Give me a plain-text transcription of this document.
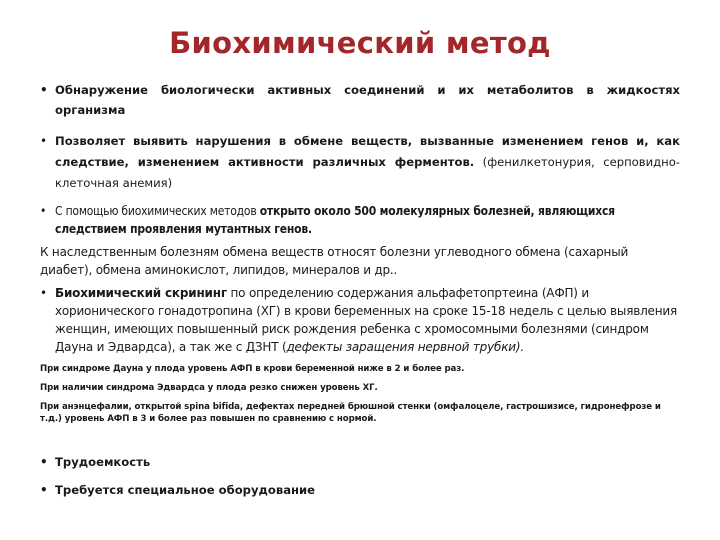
Биохимический метод
• Обнаружение биологически активных соединений и их метаболитов в жидкостях
организма
• Позволяет выявить нарушения в обмене веществ, вызванные изменением генов и, как следствие, изменением активности различных ферментов. (фенилкетонурия, серповидно-клеточная анемия)
• С помощью биохимических методов открыто около 500 молекулярных болезней, являющихся следствием проявления мутантных генов.
К наследственным болезням обмена веществ относят болезни углеводного обмена (сахарный диабет), обмена аминокислот, липидов, минералов и др..
• Биохимический скрининг по определению содержания альфафетопртеина (АФП) и хорионического гонадотропина (ХГ) в крови беременных на сроке 15-18 недель с целью выявления женщин, имеющих повышенный риск рождения ребенка с хромосомными болезнями (синдром Дауна и Эдвардса), а так же с ДЗНТ (дефекты заращения нервной трубки).
При синдроме Дауна у плода уровень АФП в крови беременной ниже в 2 и более раз.
При наличии синдрома Эдвардса у плода резко снижен уровень ХГ.
При анэнцефалии, открытой spina bifida, дефектах передней брюшной стенки (омфалоцеле, гастрошизисе, гидронефрозе и т.д.) уровень АФП в 3 и более раз повышен по сравнению с нормой.
• Трудоемкость
• Требуется специальное оборудование
